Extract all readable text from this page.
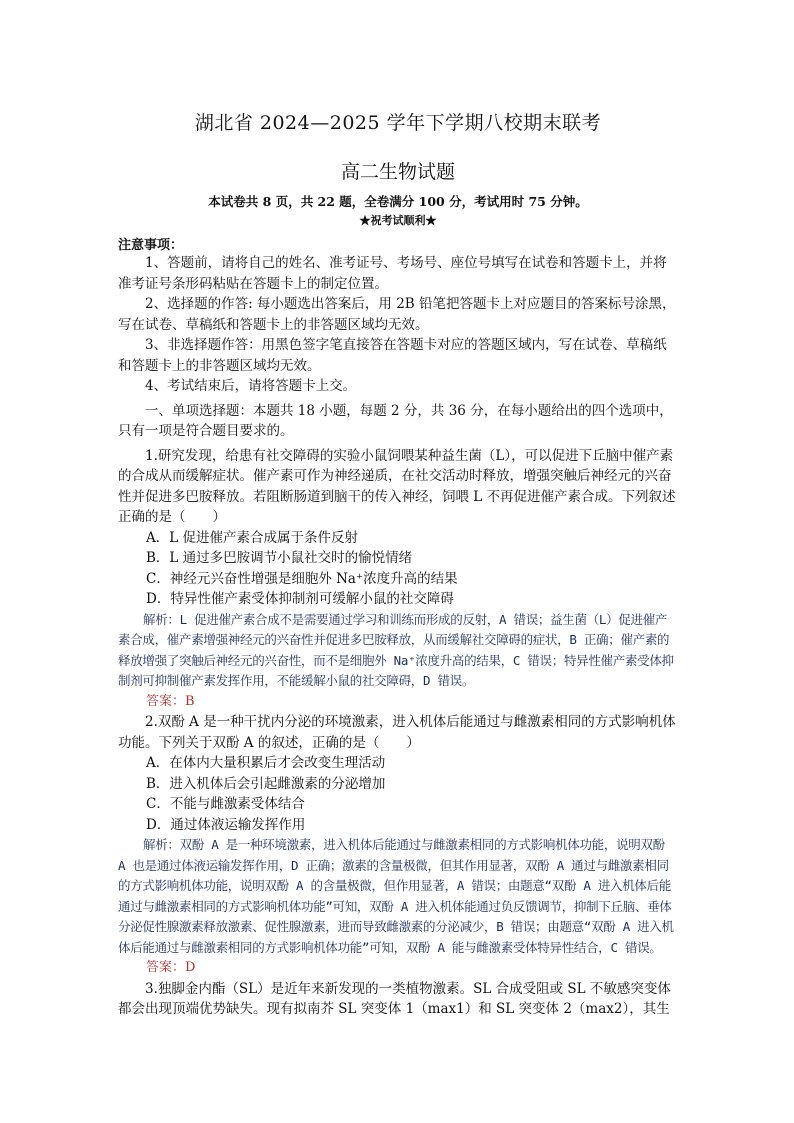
湖北省 2024—2025 学年下学期八校期末联考
高二生物试题
本试卷共 8 页，共 22 题，全卷满分 100 分，考试用时 75 分钟。
★祝考试顺利★
注意事项：

1、答题前，请将自己的姓名、准考证号、考场号、座位号填写在试卷和答题卡上，并将准考证号条形码粘贴在答题卡上的制定位置。

2、选择题的作答: 每小题选出答案后，用 2B 铅笔把答题卡上对应题目的答案标号涂黑，写在试卷、草稿纸和答题卡上的非答题区域均无效。

3、非选择题作答：用黑色签字笔直接答在答题卡对应的答题区域内，写在试卷、草稿纸和答题卡上的非答题区域均无效。

4、考试结束后，请将答题卡上交。

一、单项选择题：本题共 18 小题，每题 2 分，共 36 分，在每小题给出的四个选项中，只有一项是符合题目要求的。

1.研究发现，给患有社交障碍的实验小鼠饲喂某种益生菌（L），可以促进下丘脑中催产素的合成从而缓解症状。催产素可作为神经递质，在社交活动时释放，增强突触后神经元的兴奋性并促进多巴胺释放。若阻断肠道到脑干的传入神经，饲喂 L 不再促进催产素合成。下列叙述正确的是（　　）

A．L 促进催产素合成属于条件反射
B．L 通过多巴胺调节小鼠社交时的愉悦情绪
C．神经元兴奋性增强是细胞外 Na⁺浓度升高的结果
D．特异性催产素受体抑制剂可缓解小鼠的社交障碍
解析：L 促进催产素合成不是需要通过学习和训练而形成的反射，A 错误；益生菌（L）促进催产素合成，催产素增强神经元的兴奋性并促进多巴胺释放，从而缓解社交障碍的症状，B 正确；催产素的释放增强了突触后神经元的兴奋性，而不是细胞外 Na⁺浓度升高的结果，C 错误；特异性催产素受体抑制剂可抑制催产素发挥作用，不能缓解小鼠的社交障碍，D 错误。
答案：B

2.双酚 A 是一种干扰内分泌的环境激素，进入机体后能通过与雌激素相同的方式影响机体功能。下列关于双酚 A 的叙述，正确的是（　　）

A．在体内大量积累后才会改变生理活动
B．进入机体后会引起雌激素的分泌增加
C．不能与雌激素受体结合
D．通过体液运输发挥作用
解析：双酚 A 是一种环境激素，进入机体后能通过与雌激素相同的方式影响机体功能，说明双酚 A 也是通过体液运输发挥作用，D 正确；激素的含量极微，但其作用显著，双酚 A 通过与雌激素相同的方式影响机体功能，说明双酚 A 的含量极微，但作用显著，A 错误；由题意“双酚 A 进入机体后能通过与雌激素相同的方式影响机体功能”可知，双酚 A 进入机体能通过负反馈调节，抑制下丘脑、垂体分泌促性腺激素释放激素、促性腺激素，进而导致雌激素的分泌减少，B 错误；由题意“双酚 A 进入机体后能通过与雌激素相同的方式影响机体功能”可知，双酚 A 能与雌激素受体特异性结合，C 错误。
答案：D

3.独脚金内酯（SL）是近年来新发现的一类植物激素。SL 合成受阻或 SL 不敏感突变体都会出现顶端优势缺失。现有拟南芥 SL 突变体 1（max1）和 SL 突变体 2（max2），其生
